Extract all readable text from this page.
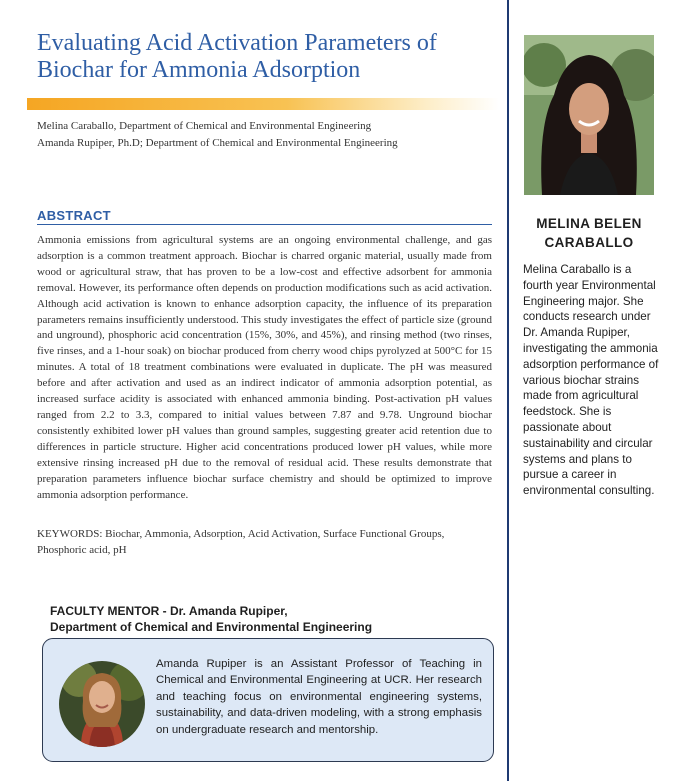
Evaluating Acid Activation Parameters of Biochar for Ammonia Adsorption
Melina Caraballo, Department of Chemical and Environmental Engineering
Amanda Rupiper, Ph.D; Department of Chemical and Environmental Engineering
ABSTRACT

Ammonia emissions from agricultural systems are an ongoing environmental challenge, and gas adsorption is a common treatment approach. Biochar is charred organic material, usually made from wood or agricultural straw, that has proven to be a low-cost and effective adsorbent for ammonia removal. However, its performance often depends on production modifications such as acid activation. Although acid activation is known to enhance adsorption capacity, the influence of its preparation parameters remains insufficiently understood. This study investigates the effect of particle size (ground and unground), phosphoric acid concentration (15%, 30%, and 45%), and rinsing method (two rinses, five rinses, and a 1-hour soak) on biochar produced from cherry wood chips pyrolyzed at 500°C for 15 minutes. A total of 18 treatment combinations were evaluated in duplicate. The pH was measured before and after activation and used as an indirect indicator of ammonia adsorption potential, as increased surface acidity is associated with enhanced ammonia binding. Post-activation pH values ranged from 2.2 to 3.3, compared to initial values between 7.87 and 9.78. Unground biochar consistently exhibited lower pH values than ground samples, suggesting greater acid retention due to differences in particle structure. Higher acid concentrations produced lower pH values, while more extensive rinsing increased pH due to the removal of residual acid. These results demonstrate that preparation parameters influence biochar surface chemistry and should be optimized to improve ammonia adsorption performance.

KEYWORDS: Biochar, Ammonia, Adsorption, Acid Activation, Surface Functional Groups, Phosphoric acid, pH

FACULTY MENTOR - Dr. Amanda Rupiper,
Department of Chemical and Environmental Engineering

Amanda Rupiper is an Assistant Professor of Teaching in Chemical and Environmental Engineering at UCR. Her research and teaching focus on environmental engineering systems, sustainability, and data-driven modeling, with a strong emphasis on undergraduate research and mentorship.

MELINA BELEN
CARABALLO

Melina Caraballo is a fourth year Environmental Engineering major. She conducts research under Dr. Amanda Rupiper, investigating the ammonia adsorption performance of various biochar strains made from agricultural feedstock. She is passionate about sustainability and circular systems and plans to pursue a career in environmental consulting.
